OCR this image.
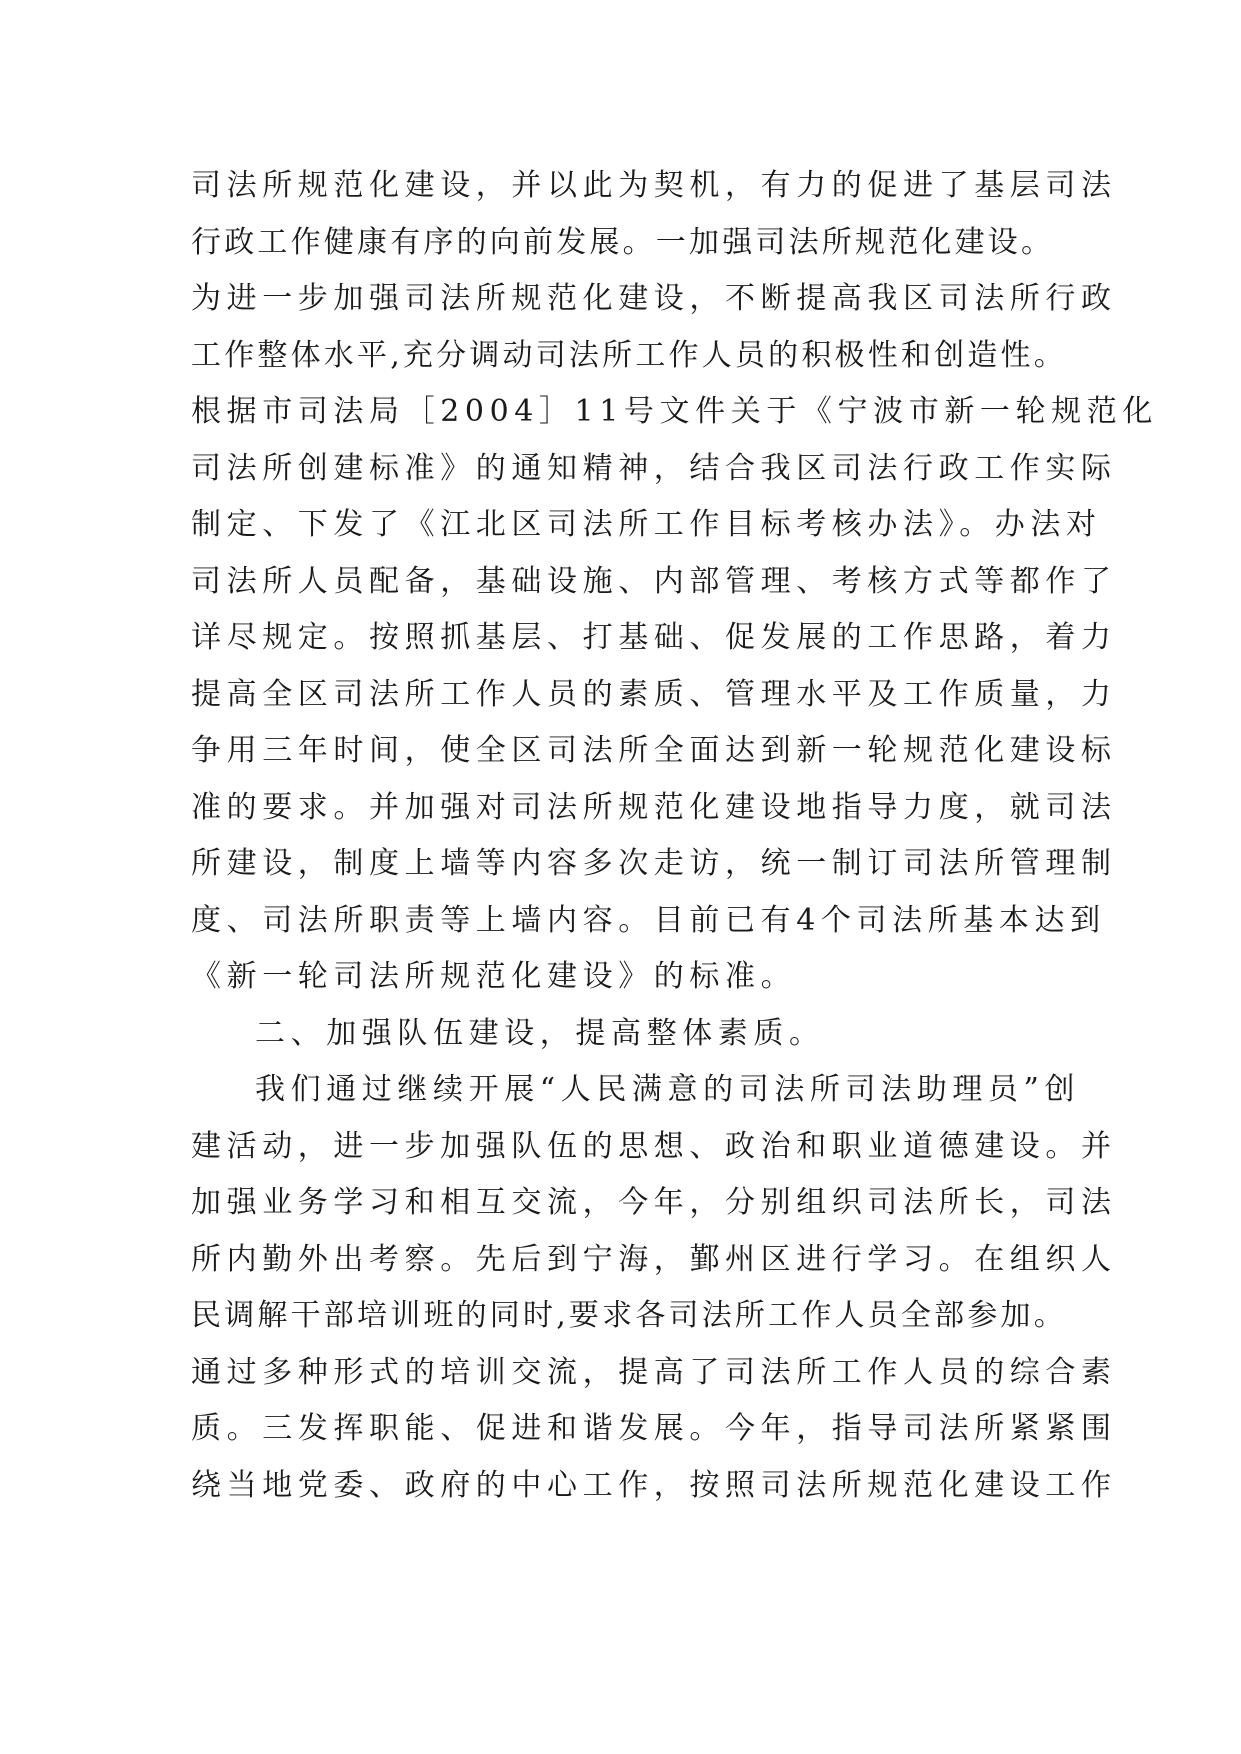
司法所规范化建设，并以此为契机，有力的促进了基层司法
行政工作健康有序的向前发展。一加强司法所规范化建设。
为进一步加强司法所规范化建设，不断提高我区司法所行政
工作整体水平,充分调动司法所工作人员的积极性和创造性。
根据市司法局［2004］11号文件关于《宁波市新一轮规范化
司法所创建标准》的通知精神，结合我区司法行政工作实际
制定、下发了《江北区司法所工作目标考核办法》。办法对
司法所人员配备，基础设施、内部管理、考核方式等都作了
详尽规定。按照抓基层、打基础、促发展的工作思路，着力
提高全区司法所工作人员的素质、管理水平及工作质量，力
争用三年时间，使全区司法所全面达到新一轮规范化建设标
准的要求。并加强对司法所规范化建设地指导力度，就司法
所建设，制度上墙等内容多次走访，统一制订司法所管理制
度、司法所职责等上墙内容。目前已有4个司法所基本达到
《新一轮司法所规范化建设》的标准。
二、加强队伍建设，提高整体素质。
我们通过继续开展“人民满意的司法所司法助理员”创
建活动，进一步加强队伍的思想、政治和职业道德建设。并
加强业务学习和相互交流，今年，分别组织司法所长，司法
所内勤外出考察。先后到宁海，鄞州区进行学习。在组织人
民调解干部培训班的同时,要求各司法所工作人员全部参加。
通过多种形式的培训交流，提高了司法所工作人员的综合素
质。三发挥职能、促进和谐发展。今年，指导司法所紧紧围
绕当地党委、政府的中心工作，按照司法所规范化建设工作
